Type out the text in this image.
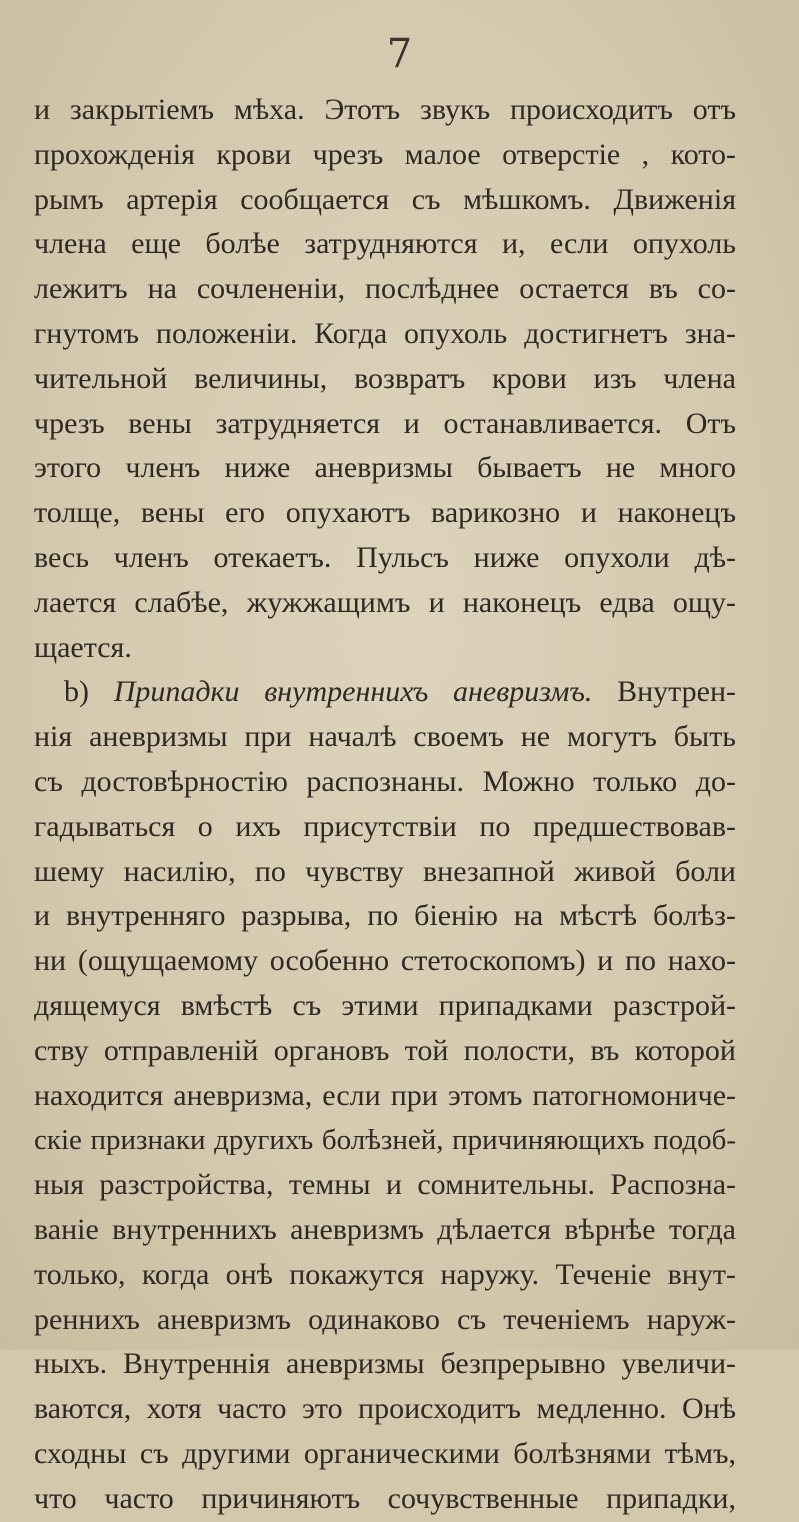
7
и закрытіемъ мѣха. Этотъ звукъ происходитъ отъ
прохожденія крови чрезъ малое отверстіе , кото-
рымъ артерія сообщается съ мѣшкомъ. Движенія
члена еще болѣе затрудняются и, если опухоль
лежитъ на сочлененіи, послѣднее остается въ со-
гнутомъ положеніи. Когда опухоль достигнетъ зна-
чительной величины, возвратъ крови изъ члена
чрезъ вены затрудняется и останавливается. Отъ
этого членъ ниже аневризмы бываетъ не много
толще, вены его опухаютъ варикозно и наконецъ
весь членъ отекаетъ. Пульсъ ниже опухоли дѣ-
лается слабѣе, жужжащимъ и наконецъ едва ощу-
щается.
b) Припадки внутреннихъ аневризмъ. Внутрен-
нія аневризмы при началѣ своемъ не могутъ быть
съ достовѣрностію распознаны. Можно только до-
гадываться о ихъ присутствіи по предшествовав-
шему насилію, по чувству внезапной живой боли
и внутренняго разрыва, по біенію на мѣстѣ болѣз-
ни (ощущаемому особенно стетоскопомъ) и по нахо-
дящемуся вмѣстѣ съ этими припадками разстрой-
ству отправленій органовъ той полости, въ которой
находится аневризма, если при этомъ патогномониче-
скіе признаки другихъ болѣзней, причиняющихъ подоб-
ныя разстройства, темны и сомнительны. Распозна-
ваніе внутреннихъ аневризмъ дѣлается вѣрнѣе тогда
только, когда онѣ покажутся наружу. Теченіе внут-
реннихъ аневризмъ одинаково съ теченіемъ наруж-
ныхъ. Внутреннія аневризмы безпрерывно увеличи-
ваются, хотя часто это происходитъ медленно. Онѣ
сходны съ другими органическими болѣзнями тѣмъ,
что часто причиняютъ сочувственные припадки,
